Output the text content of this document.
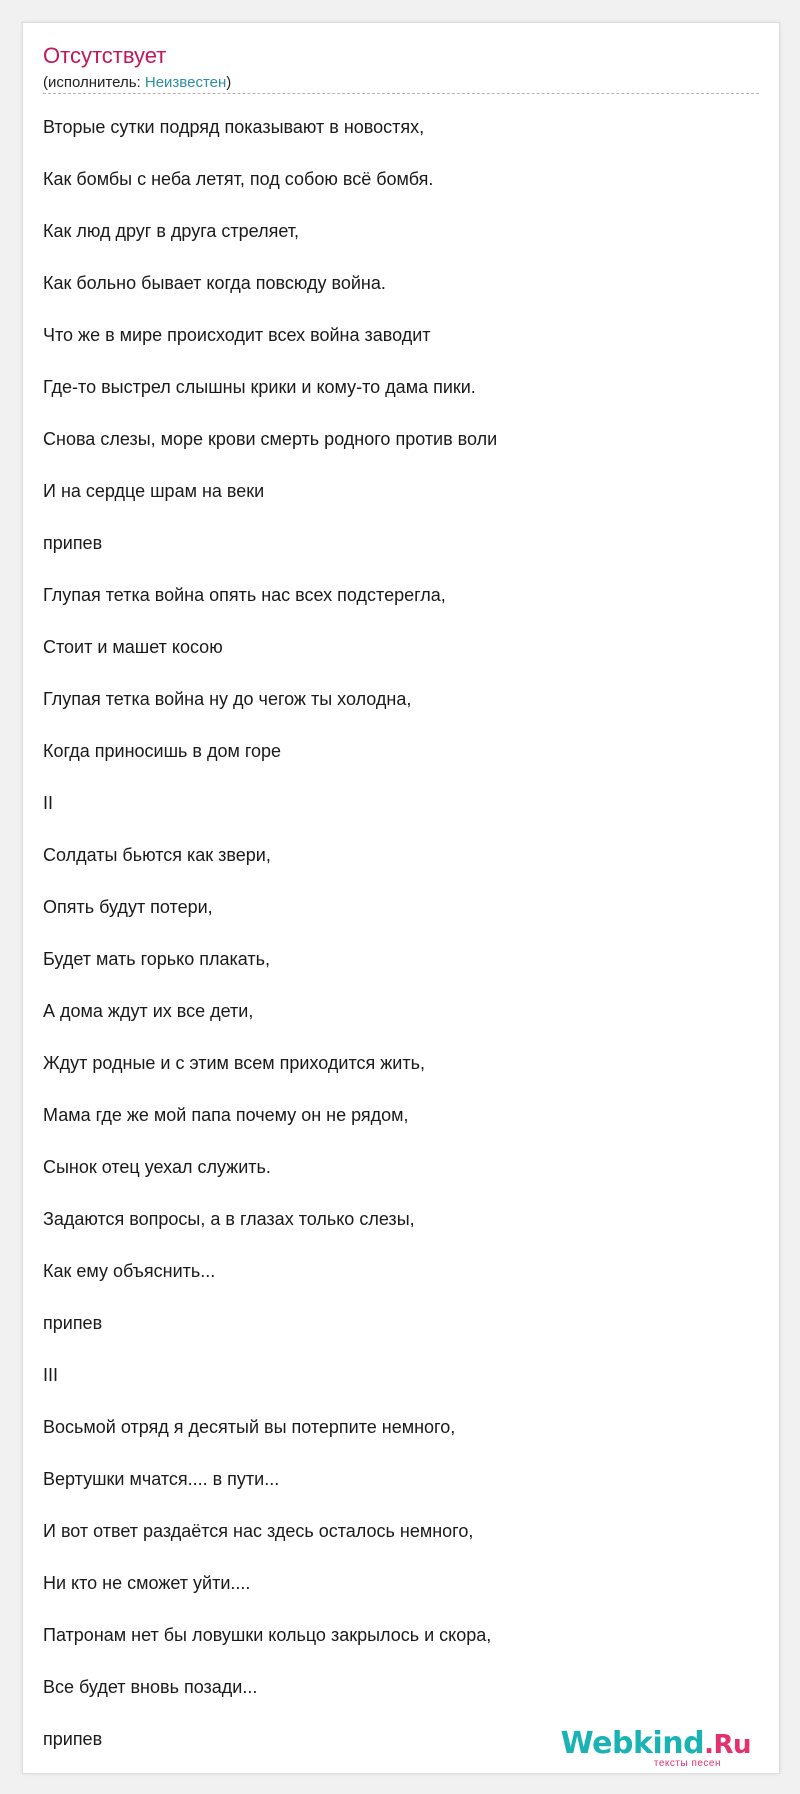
Отсутствует
(исполнитель: Неизвестен)
Вторые сутки подряд показывают в новостях,
Как бомбы с неба летят, под собою всё бомбя.
Как люд друг в друга стреляет,
Как больно бывает когда повсюду война.
Что же в мире происходит всех война заводит
Где-то выстрел слышны крики и кому-то дама пики.
Снова слезы, море крови смерть родного против воли
И на сердце шрам на веки
припев
Глупая тетка война опять нас всех подстерегла,
Стоит и машет косою
Глупая тетка война ну до чегож ты холодна,
Когда приносишь в дом горе
II
Солдаты бьются как звери,
Опять будут потери,
Будет мать горько плакать,
А дома ждут их все дети,
Ждут родные и с этим всем приходится жить,
Мама где же мой папа почему он не рядом,
Сынок отец уехал служить.
Задаются вопросы, а в глазах только слезы,
Как ему объяснить...
припев
III
Восьмой отряд я десятый вы потерпите немного,
Вертушки мчатся.... в пути...
И вот ответ раздаётся нас здесь осталось немного,
Ни кто не сможет уйти....
Патронам нет бы ловушки кольцо закрылось и скора,
Все будет вновь позади...
припев	Webkind.Ru
тексты песен
